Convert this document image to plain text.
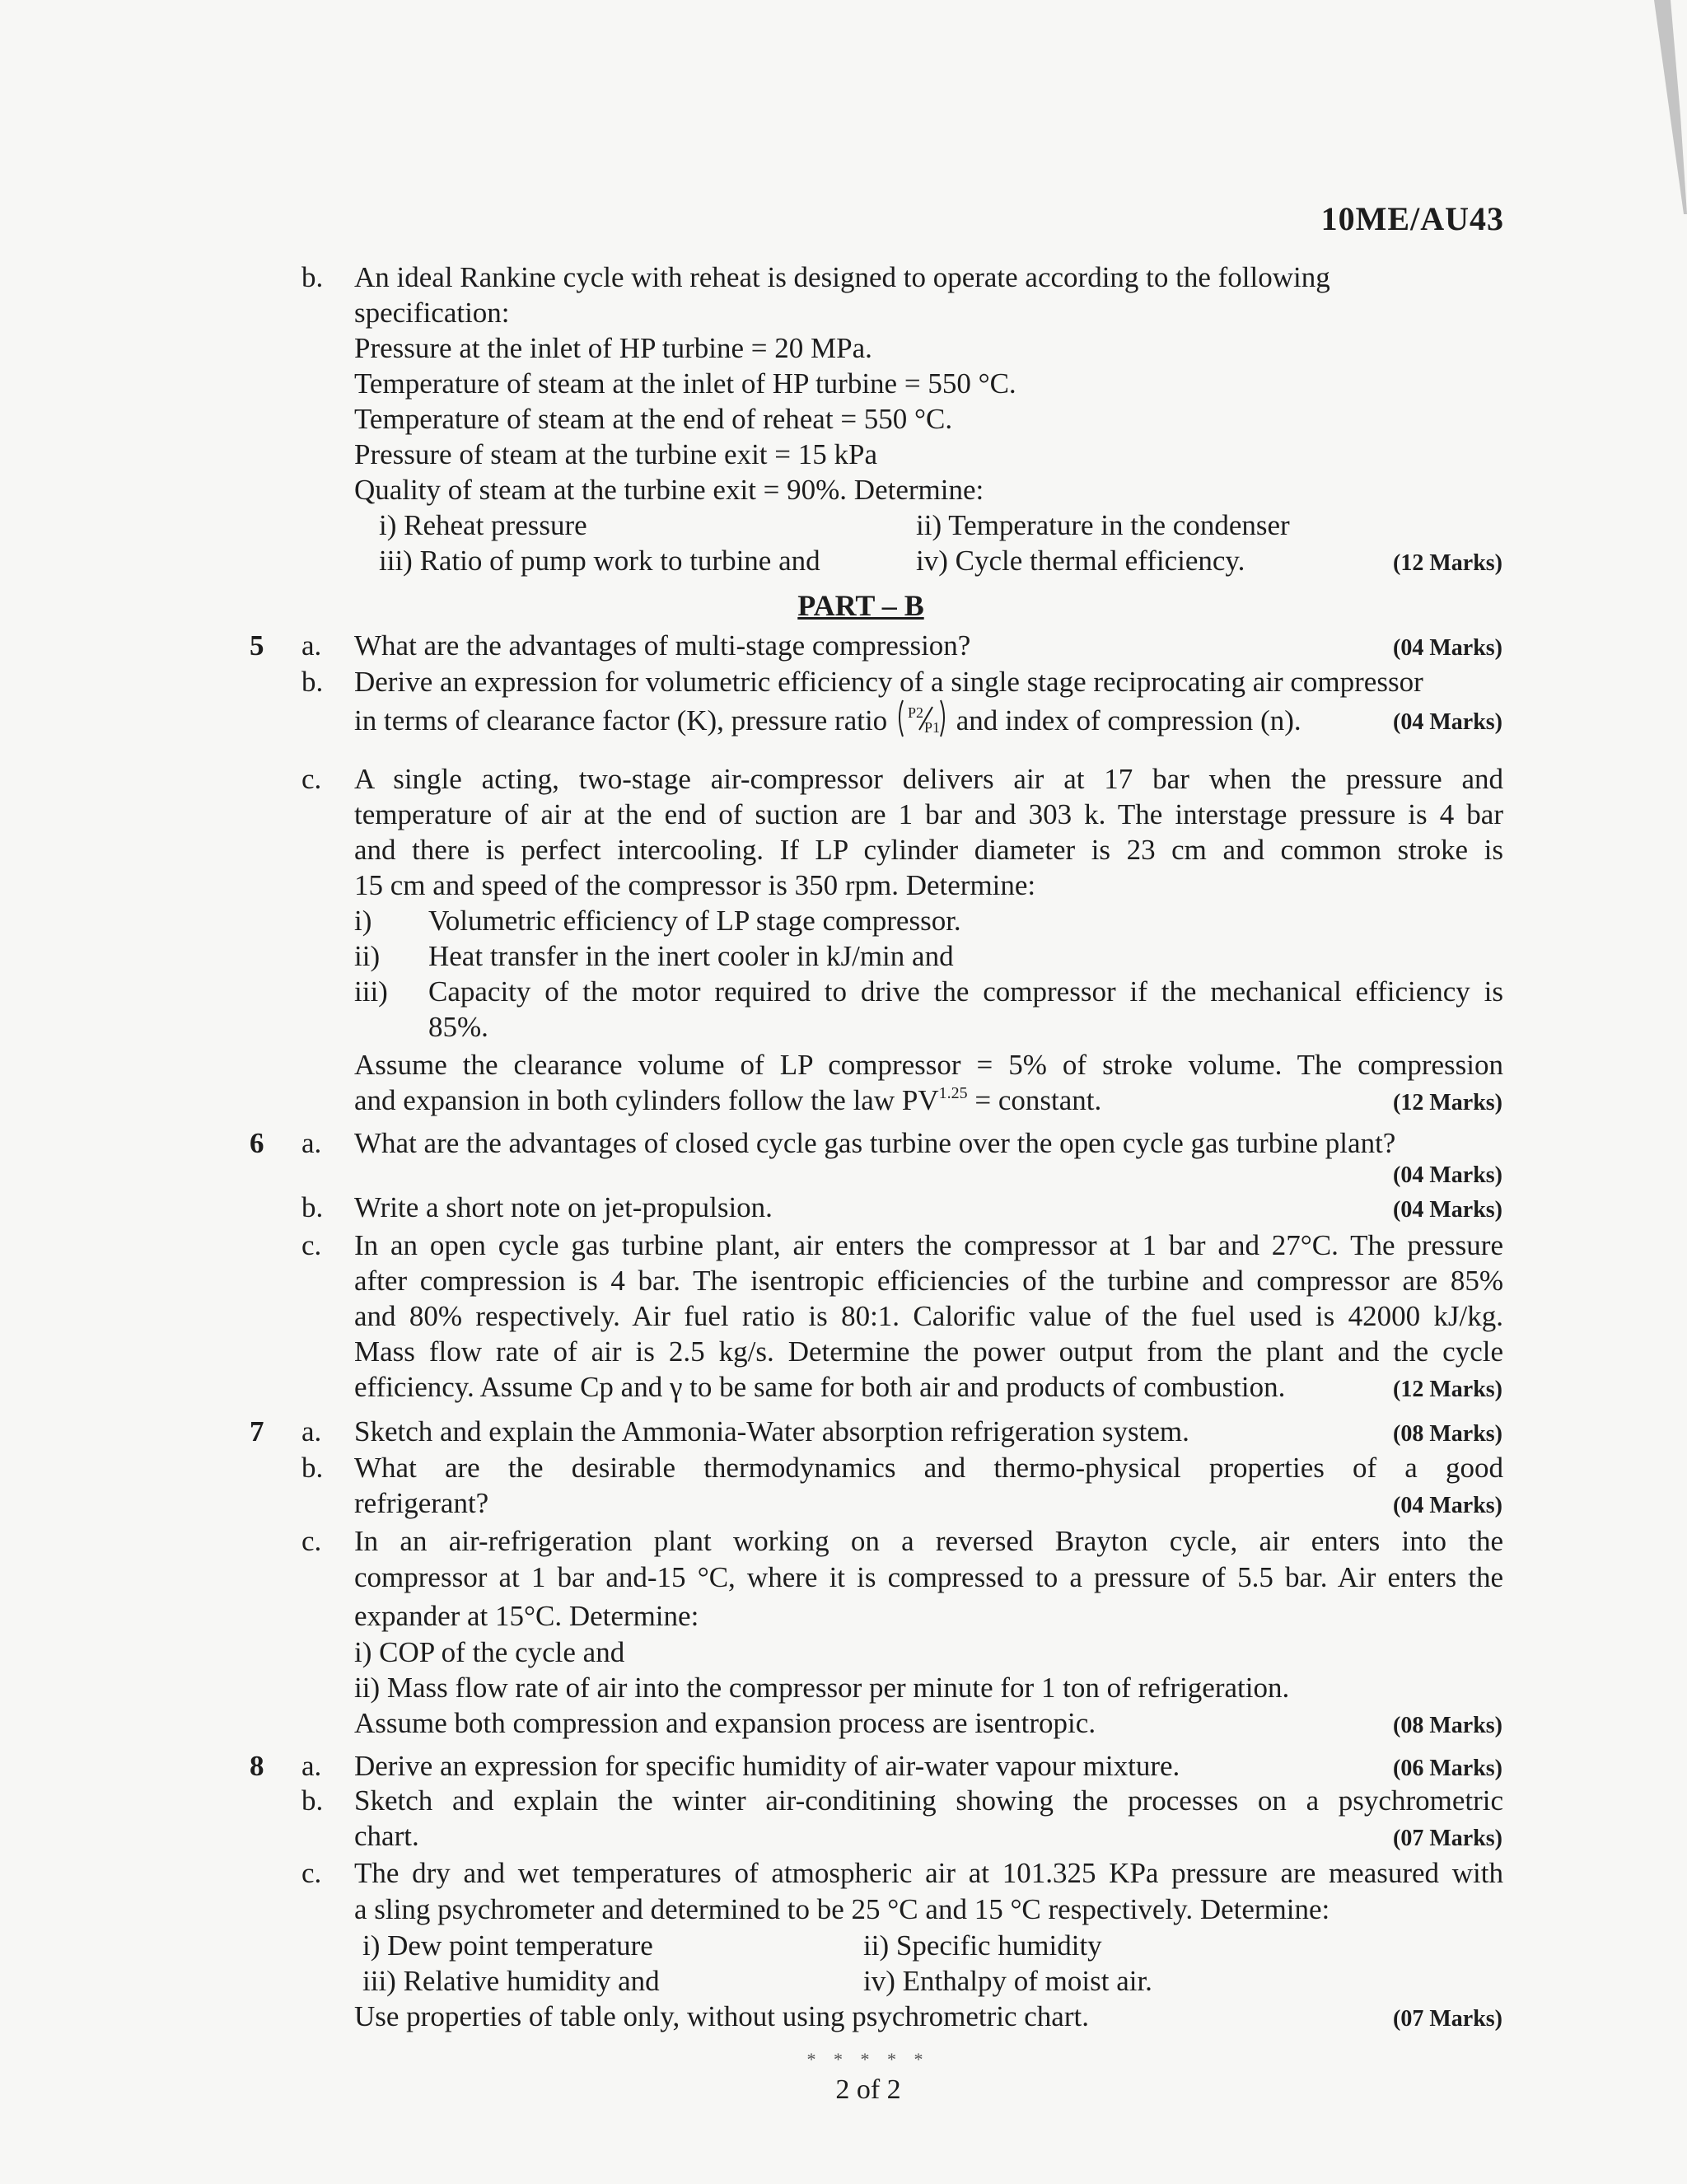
10ME/AU43
b. An ideal Rankine cycle with reheat is designed to operate according to the following
specification:
Pressure at the inlet of HP turbine = 20 MPa.
Temperature of steam at the inlet of HP turbine = 550 °C.
Temperature of steam at the end of reheat = 550 °C.
Pressure of steam at the turbine exit = 15 kPa
Quality of steam at the turbine exit = 90%. Determine:
i) Reheat pressure	ii) Temperature in the condenser
iii) Ratio of pump work to turbine and	iv) Cycle thermal efficiency.	(12 Marks)
PART – B
5 a. What are the advantages of multi-stage compression?	(04 Marks)
b. Derive an expression for volumetric efficiency of a single stage reciprocating air compressor
in terms of clearance factor (K), pressure ratio P2
P1 and index of compression (n).	(04 Marks)
c. A single acting, two-stage air-compressor delivers air at 17 bar when the pressure and
temperature of air at the end of suction are 1 bar and 303 k. The interstage pressure is 4 bar
and there is perfect intercooling. If LP cylinder diameter is 23 cm and common stroke is
15 cm and speed of the compressor is 350 rpm. Determine:
i) Volumetric efficiency of LP stage compressor.
ii) Heat transfer in the inert cooler in kJ/min and
iii) Capacity of the motor required to drive the compressor if the mechanical efficiency is
85%.
Assume the clearance volume of LP compressor = 5% of stroke volume. The compression
and expansion in both cylinders follow the law $PV^{1.25}$ = constant.	(12 Marks)
6 a. What are the advantages of closed cycle gas turbine over the open cycle gas turbine plant?
(04 Marks)
b. Write a short note on jet-propulsion.	(04 Marks)
c. In an open cycle gas turbine plant, air enters the compressor at 1 bar and 27°C. The pressure
after compression is 4 bar. The isentropic efficiencies of the turbine and compressor are 85%
and 80% respectively. Air fuel ratio is 80:1. Calorific value of the fuel used is 42000 kJ/kg.
Mass flow rate of air is 2.5 kg/s. Determine the power output from the plant and the cycle
efficiency. Assume Cp and γ to be same for both air and products of combustion.	(12 Marks)
7 a. Sketch and explain the Ammonia-Water absorption refrigeration system.	(08 Marks)
b. What are the desirable thermodynamics and thermo-physical properties of a good
refrigerant?	(04 Marks)
c. In an air-refrigeration plant working on a reversed Brayton cycle, air enters into the
compressor at 1 bar and-15 °C, where it is compressed to a pressure of 5.5 bar. Air enters the
expander at 15°C. Determine:
i) COP of the cycle and
ii) Mass flow rate of air into the compressor per minute for 1 ton of refrigeration.
Assume both compression and expansion process are isentropic.	(08 Marks)
8 a. Derive an expression for specific humidity of air-water vapour mixture.	(06 Marks)
b. Sketch and explain the winter air-conditining showing the processes on a psychrometric
chart.	(07 Marks)
c. The dry and wet temperatures of atmospheric air at 101.325 KPa pressure are measured with
a sling psychrometer and determined to be 25 °C and 15 °C respectively. Determine:
i) Dew point temperature	ii) Specific humidity
iii) Relative humidity and	iv) Enthalpy of moist air.
Use properties of table only, without using psychrometric chart.	(07 Marks)
* * * * *
2 of 2
